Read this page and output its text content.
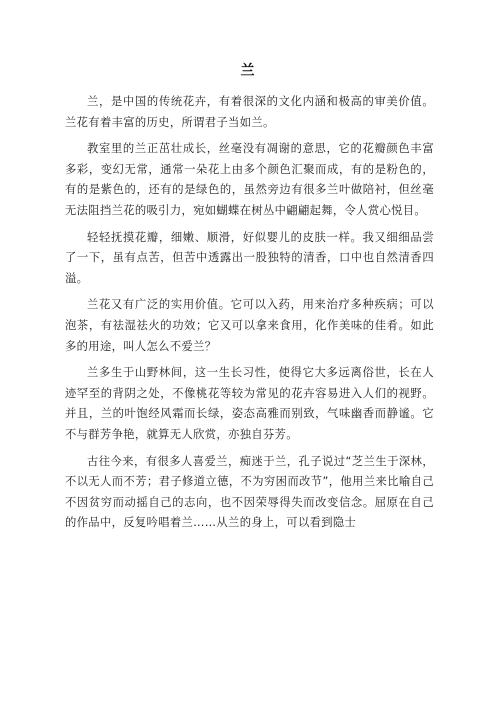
兰

兰，是中国的传统花卉，有着很深的文化内涵和极高的审美价值。兰花有着丰富的历史，所谓君子当如兰。

教室里的兰正茁壮成长，丝毫没有凋谢的意思，它的花瓣颜色丰富多彩，变幻无常，通常一朵花上由多个颜色汇聚而成，有的是粉色的，有的是紫色的，还有的是绿色的，虽然旁边有很多兰叶做陪衬，但丝毫无法阻挡兰花的吸引力，宛如蝴蝶在树丛中翩翩起舞，令人赏心悦目。

轻轻抚摸花瓣，细嫩、顺滑，好似婴儿的皮肤一样。我又细细品尝了一下，虽有点苦，但苦中透露出一股独特的清香，口中也自然清香四溢。

兰花又有广泛的实用价值。它可以入药，用来治疗多种疾病；可以泡茶，有祛湿祛火的功效；它又可以拿来食用，化作美味的佳肴。如此多的用途，叫人怎么不爱兰？

兰多生于山野林间，这一生长习性，使得它大多远离俗世，长在人迹罕至的背阴之处，不像桃花等较为常见的花卉容易进入人们的视野。并且，兰的叶饱经风霜而长绿，姿态高雅而别致，气味幽香而静谧。它不与群芳争艳，就算无人欣赏，亦独自芬芳。

古往今来，有很多人喜爱兰，痴迷于兰，孔子说过“芝兰生于深林，不以无人而不芳；君子修道立德，不为穷困而改节”，他用兰来比喻自己不因贫穷而动摇自己的志向，也不因荣辱得失而改变信念。屈原在自己的作品中，反复吟唱着兰……从兰的身上，可以看到隐士
